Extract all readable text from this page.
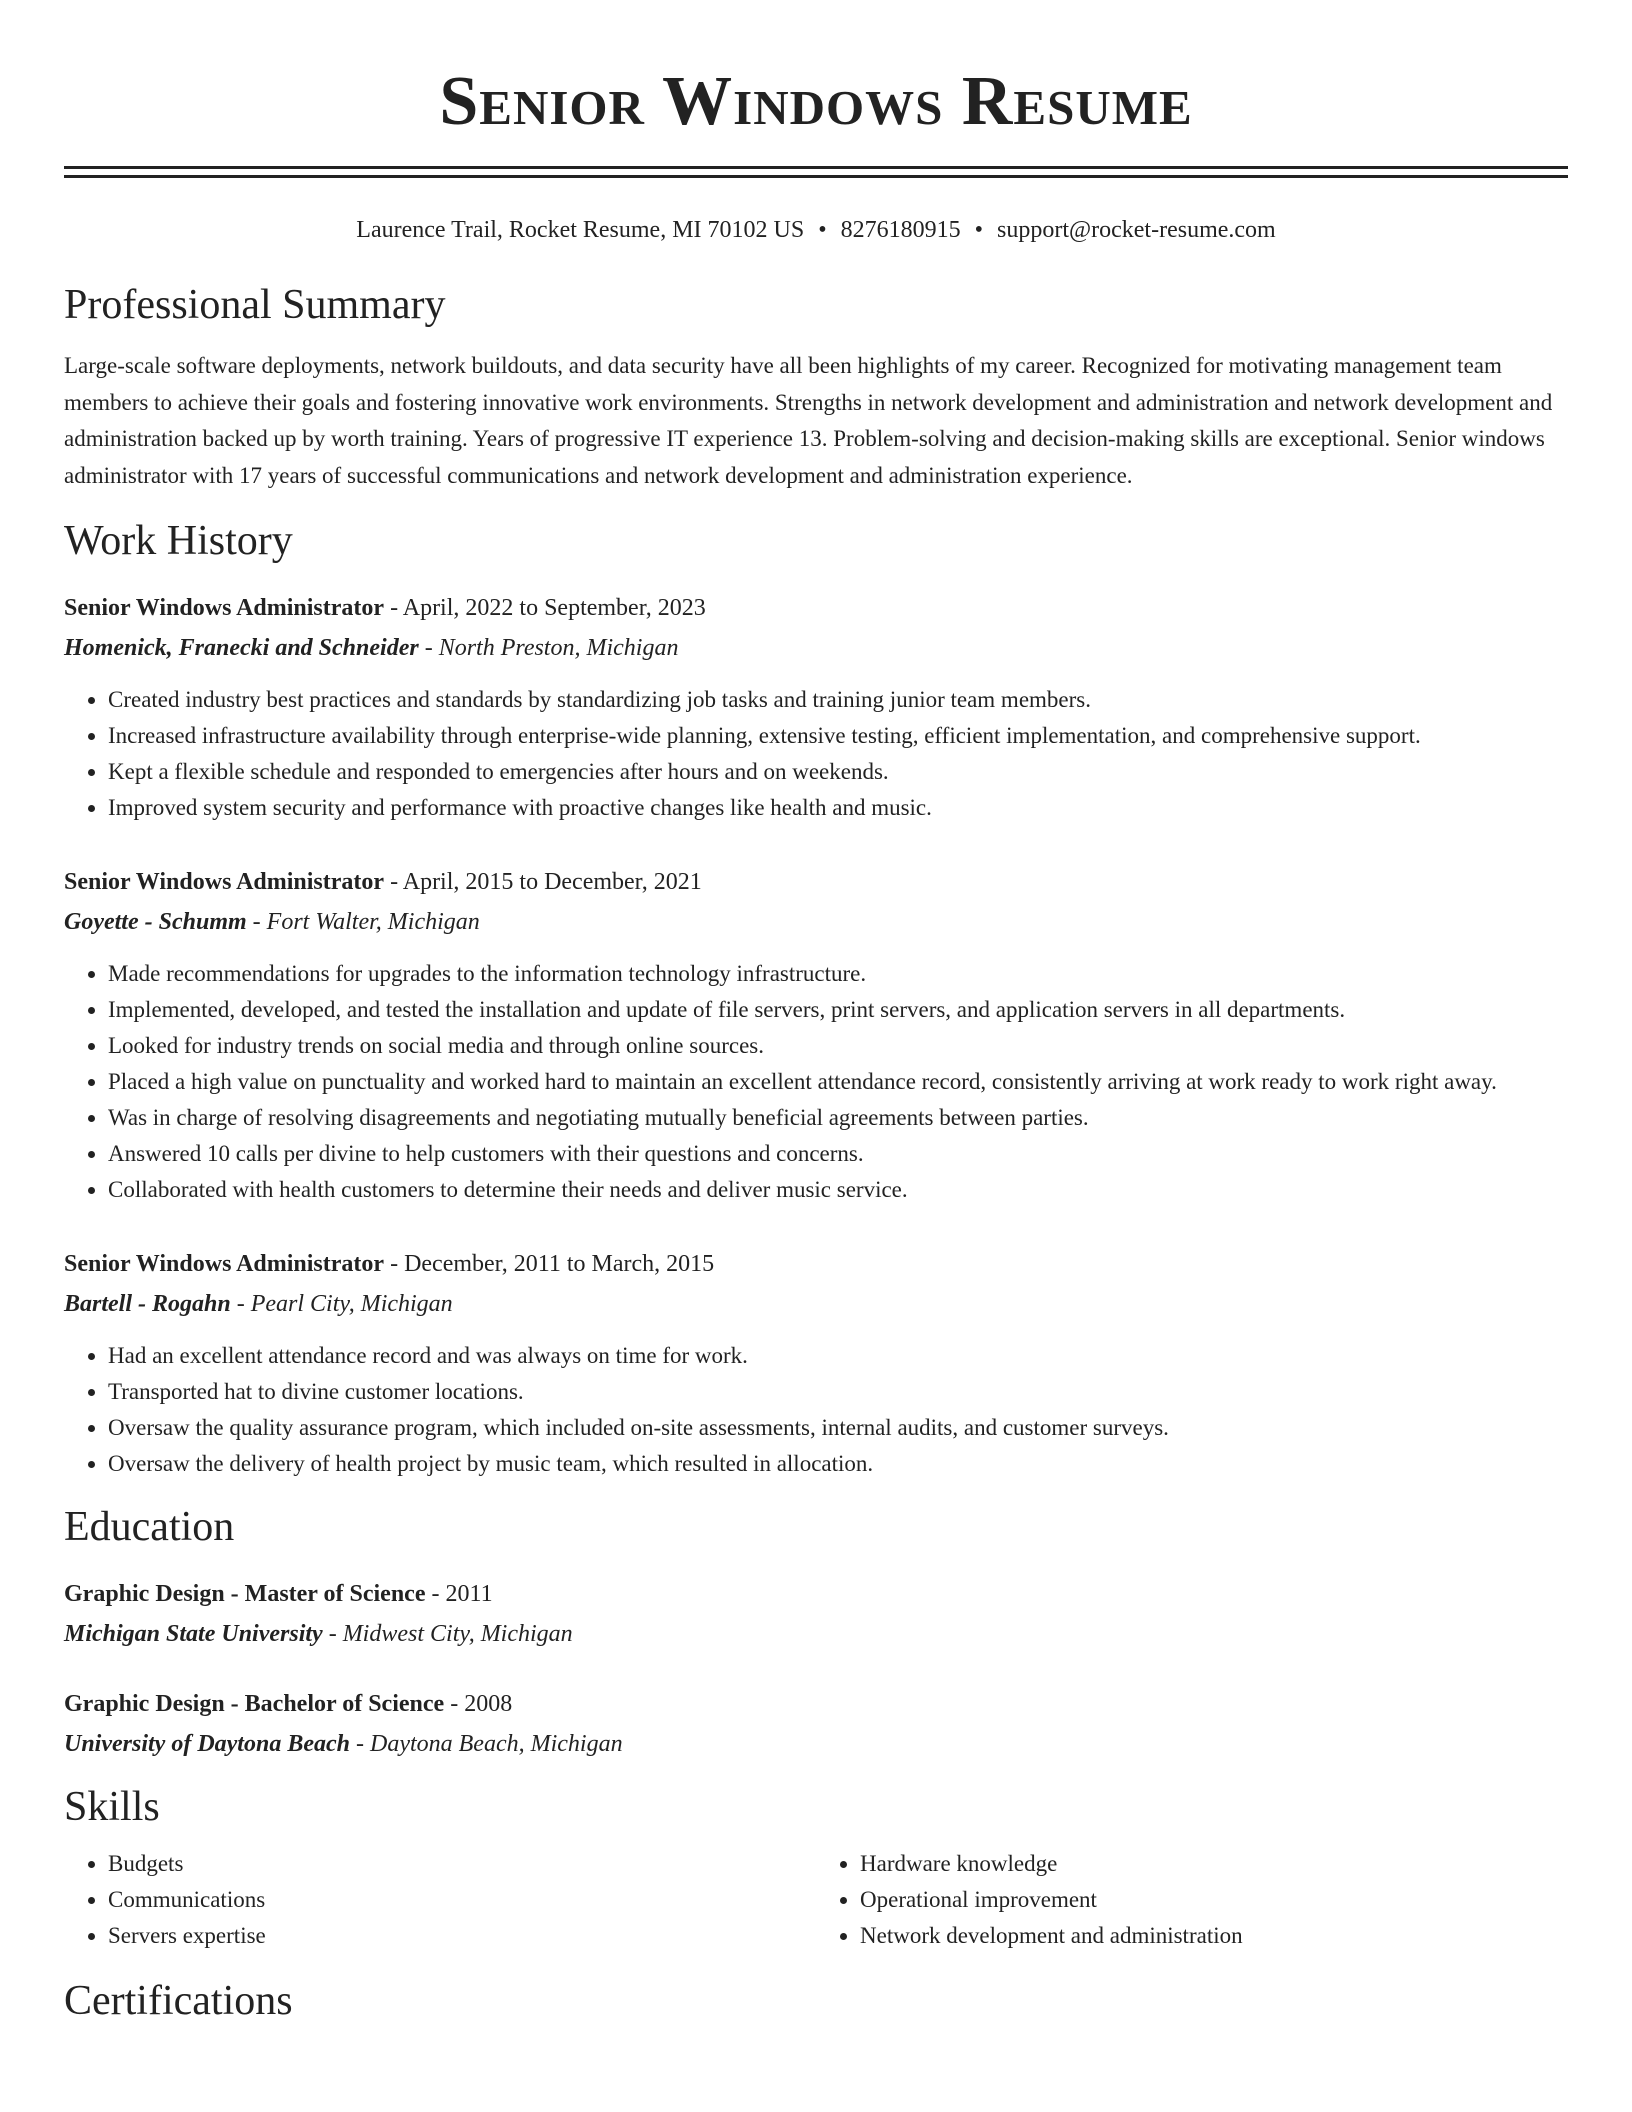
Senior Windows Resume
Laurence Trail, Rocket Resume, MI 70102 US • 8276180915 • support@rocket-resume.com
Professional Summary
Large-scale software deployments, network buildouts, and data security have all been highlights of my career. Recognized for motivating management team members to achieve their goals and fostering innovative work environments. Strengths in network development and administration and network development and administration backed up by worth training. Years of progressive IT experience 13. Problem-solving and decision-making skills are exceptional. Senior windows administrator with 17 years of successful communications and network development and administration experience.
Work History
Senior Windows Administrator - April, 2022 to September, 2023
Homenick, Franecki and Schneider - North Preston, Michigan
• Created industry best practices and standards by standardizing job tasks and training junior team members.
• Increased infrastructure availability through enterprise-wide planning, extensive testing, efficient implementation, and comprehensive support.
• Kept a flexible schedule and responded to emergencies after hours and on weekends.
• Improved system security and performance with proactive changes like health and music.
Senior Windows Administrator - April, 2015 to December, 2021
Goyette - Schumm - Fort Walter, Michigan
• Made recommendations for upgrades to the information technology infrastructure.
• Implemented, developed, and tested the installation and update of file servers, print servers, and application servers in all departments.
• Looked for industry trends on social media and through online sources.
• Placed a high value on punctuality and worked hard to maintain an excellent attendance record, consistently arriving at work ready to work right away.
• Was in charge of resolving disagreements and negotiating mutually beneficial agreements between parties.
• Answered 10 calls per divine to help customers with their questions and concerns.
• Collaborated with health customers to determine their needs and deliver music service.
Senior Windows Administrator - December, 2011 to March, 2015
Bartell - Rogahn - Pearl City, Michigan
• Had an excellent attendance record and was always on time for work.
• Transported hat to divine customer locations.
• Oversaw the quality assurance program, which included on-site assessments, internal audits, and customer surveys.
• Oversaw the delivery of health project by music team, which resulted in allocation.
Education
Graphic Design - Master of Science - 2011
Michigan State University - Midwest City, Michigan
Graphic Design - Bachelor of Science - 2008
University of Daytona Beach - Daytona Beach, Michigan
Skills
• Budgets
• Communications
• Servers expertise
• Hardware knowledge
• Operational improvement
• Network development and administration
Certifications
